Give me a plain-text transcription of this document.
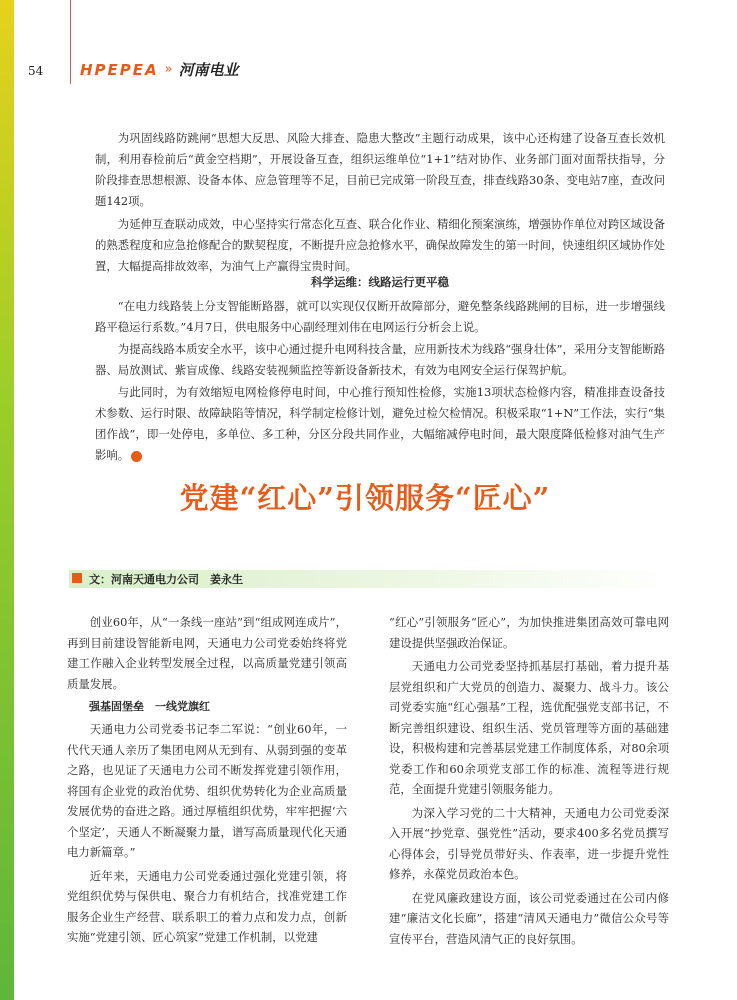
54 HPEPEA » 河南电业

为巩固线路防跳闸“思想大反思、风险大排查、隐患大整改”主题行动成果，该中心还构建了设备互查长效机制，利用春检前后“黄金空档期”，开展设备互查，组织运维单位“1+1”结对协作、业务部门面对面帮扶指导，分阶段排查思想根源、设备本体、应急管理等不足，目前已完成第一阶段互查，排查线路30条、变电站7座，查改问题142项。

为延伸互查联动成效，中心坚持实行常态化互查、联合化作业、精细化预案演练，增强协作单位对跨区域设备的熟悉程度和应急抢修配合的默契程度，不断提升应急抢修水平，确保故障发生的第一时间，快速组织区域协作处置，大幅提高排故效率，为油气上产赢得宝贵时间。

科学运维：线路运行更平稳

“在电力线路装上分支智能断路器，就可以实现仅仅断开故障部分，避免整条线路跳闸的目标，进一步增强线路平稳运行系数。”4月7日，供电服务中心副经理刘伟在电网运行分析会上说。

为提高线路本质安全水平，该中心通过提升电网科技含量，应用新技术为线路“强身壮体”，采用分支智能断路器、局放测试、紫盲成像、线路安装视频监控等新设备新技术，有效为电网安全运行保驾护航。

与此同时，为有效缩短电网检修停电时间，中心推行预知性检修，实施13项状态检修内容，精准排查设备技术参数、运行时限、故障缺陷等情况，科学制定检修计划，避免过检欠检情况。积极采取“1+N”工作法，实行“集团作战”，即一处停电，多单位、多工种，分区分段共同作业，大幅缩减停电时间，最大限度降低检修对油气生产影响。

党建“红心”引领服务“匠心”
文：河南天通电力公司　姜永生

创业60年，从“一条线一座站”到“组成网连成片”，再到目前建设智能新电网，天通电力公司党委始终将党建工作融入企业转型发展全过程，以高质量党建引领高质量发展。

强基固堡垒　一线党旗红

天通电力公司党委书记李二军说：“创业60年，一代代天通人亲历了集团电网从无到有、从弱到强的变革之路，也见证了天通电力公司不断发挥党建引领作用，将国有企业党的政治优势、组织优势转化为企业高质量发展优势的奋进之路。通过厚植组织优势，牢牢把握‘六个坚定’，天通人不断凝聚力量，谱写高质量现代化天通电力新篇章。”

近年来，天通电力公司党委通过强化党建引领，将党组织优势与保供电、聚合力有机结合，找准党建工作服务企业生产经营、联系职工的着力点和发力点，创新实施“党建引领、匠心筑家”党建工作机制，以党建

“红心”引领服务“匠心”，为加快推进集团高效可靠电网建设提供坚强政治保证。

天通电力公司党委坚持抓基层打基础，着力提升基层党组织和广大党员的创造力、凝聚力、战斗力。该公司党委实施“红心强基”工程，选优配强党支部书记，不断完善组织建设、组织生活、党员管理等方面的基础建设，积极构建和完善基层党建工作制度体系，对80余项党委工作和60余项党支部工作的标准、流程等进行规范，全面提升党建引领服务能力。

为深入学习党的二十大精神，天通电力公司党委深入开展“抄党章、强党性”活动，要求400多名党员撰写心得体会，引导党员带好头、作表率，进一步提升党性修养，永葆党员政治本色。

在党风廉政建设方面，该公司党委通过在公司内修建“廉洁文化长廊”，搭建“清风天通电力”微信公众号等宣传平台，营造风清气正的良好氛围。
